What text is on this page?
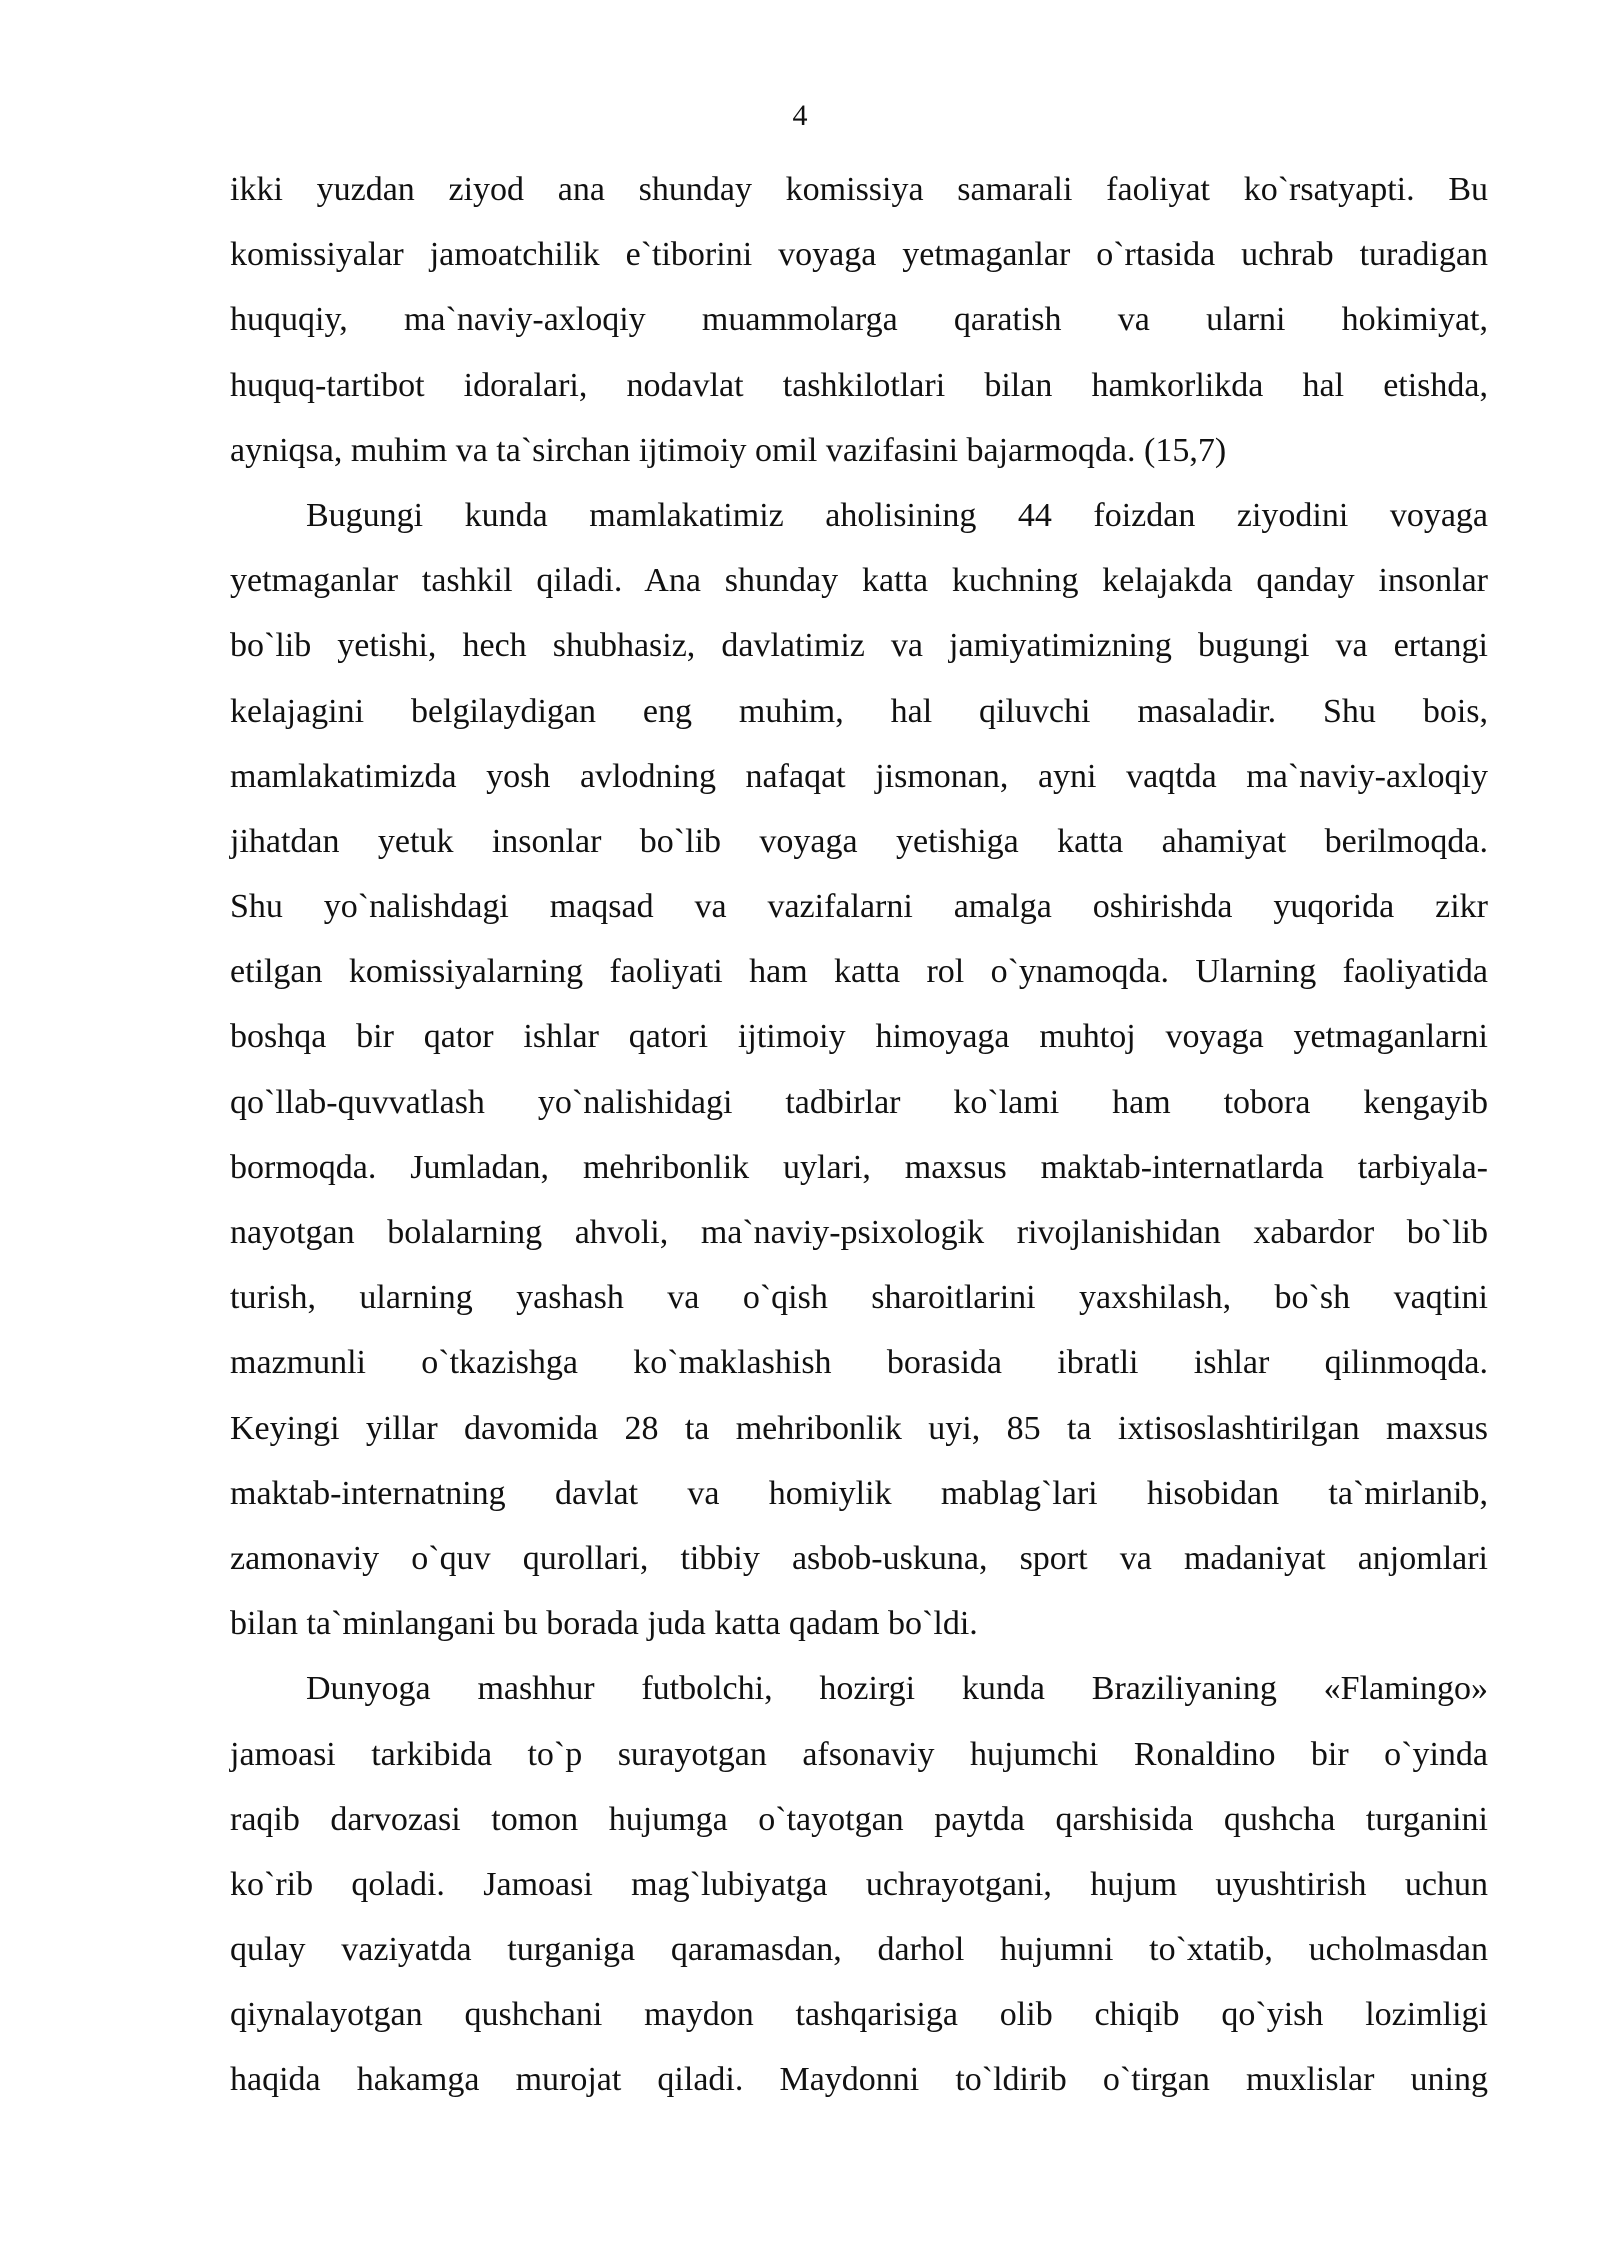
4
ikki yuzdan ziyod ana shunday komissiya samarali faoliyat ko`rsatyapti. Bu
komissiyalar jamoatchilik e`tiborini voyaga yetmaganlar o`rtasida uchrab turadigan
huquqiy, ma`naviy-axloqiy muammolarga qaratish va ularni hokimiyat,
huquq-tartibot idoralari, nodavlat tashkilotlari bilan hamkorlikda hal etishda,
ayniqsa, muhim va ta`sirchan ijtimoiy omil vazifasini bajarmoqda. (15,7)
Bugungi kunda mamlakatimiz aholisining 44 foizdan ziyodini voyaga
yetmaganlar tashkil qiladi. Ana shunday katta kuchning kelajakda qanday insonlar
bo`lib yetishi, hech shubhasiz, davlatimiz va jamiyatimizning bugungi va ertangi
kelajagini belgilaydigan eng muhim, hal qiluvchi masaladir. Shu bois,
mamlakatimizda yosh avlodning nafaqat jismonan, ayni vaqtda ma`naviy-axloqiy
jihatdan yetuk insonlar bo`lib voyaga yetishiga katta ahamiyat berilmoqda.
Shu yo`nalishdagi maqsad va vazifalarni amalga oshirishda yuqorida zikr
etilgan komissiyalarning faoliyati ham katta rol o`ynamoqda. Ularning faoliyatida
boshqa bir qator ishlar qatori ijtimoiy himoyaga muhtoj voyaga yetmaganlarni
qo`llab-quvvatlash yo`nalishidagi tadbirlar ko`lami ham tobora kengayib
bormoqda. Jumladan, mehribonlik uylari, maxsus maktab-internatlarda tarbiyala-
nayotgan bolalarning ahvoli, ma`naviy-psixologik rivojlanishidan xabardor bo`lib
turish, ularning yashash va o`qish sharoitlarini yaxshilash, bo`sh vaqtini
mazmunli o`tkazishga ko`maklashish borasida ibratli ishlar qilinmoqda.
Keyingi yillar davomida 28 ta mehribonlik uyi, 85 ta ixtisoslashtirilgan maxsus
maktab-internatning davlat va homiylik mablag`lari hisobidan ta`mirlanib,
zamonaviy o`quv qurollari, tibbiy asbob-uskuna, sport va madaniyat anjomlari
bilan ta`minlangani bu borada juda katta qadam bo`ldi.
Dunyoga mashhur futbolchi, hozirgi kunda Braziliyaning «Flamingo»
jamoasi tarkibida to`p surayotgan afsonaviy hujumchi Ronaldino bir o`yinda
raqib darvozasi tomon hujumga o`tayotgan paytda qarshisida qushcha turganini
ko`rib qoladi. Jamoasi mag`lubiyatga uchrayotgani, hujum uyushtirish uchun
qulay vaziyatda turganiga qaramasdan, darhol hujumni to`xtatib, ucholmasdan
qiynalayotgan qushchani maydon tashqarisiga olib chiqib qo`yish lozimligi
haqida hakamga murojat qiladi. Maydonni to`ldirib o`tirgan muxlislar uning
